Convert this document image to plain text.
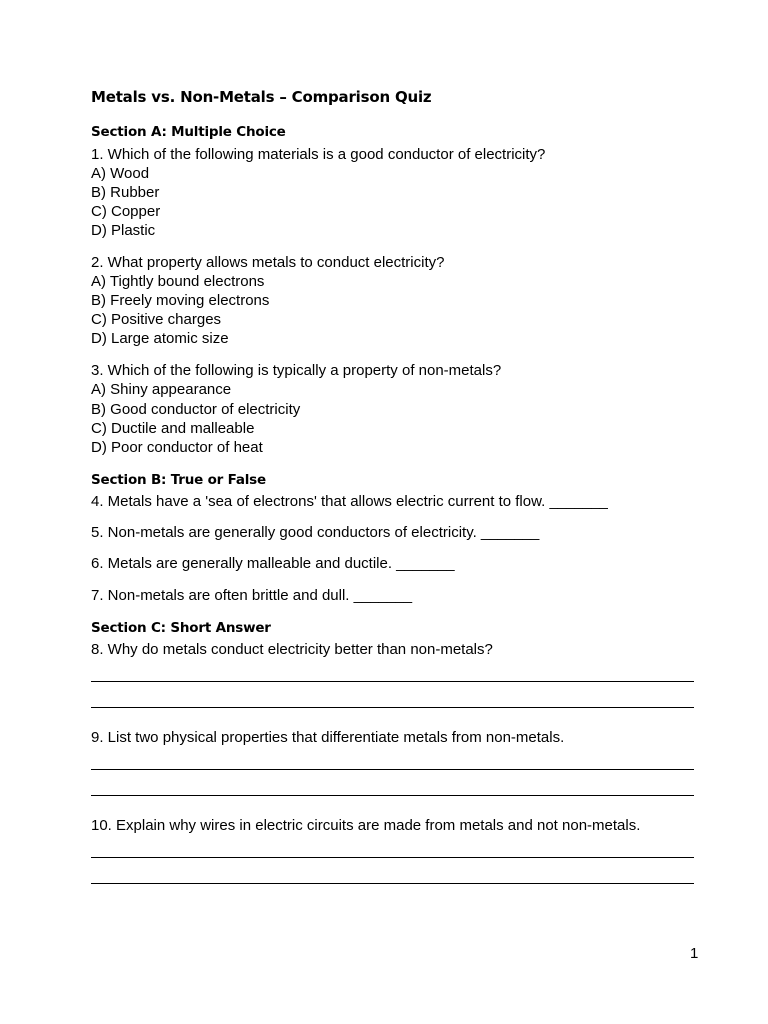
Metals vs. Non-Metals – Comparison Quiz
Section A: Multiple Choice
1. Which of the following materials is a good conductor of electricity?
A) Wood
B) Rubber
C) Copper
D) Plastic
2. What property allows metals to conduct electricity?
A) Tightly bound electrons
B) Freely moving electrons
C) Positive charges
D) Large atomic size
3. Which of the following is typically a property of non-metals?
A) Shiny appearance
B) Good conductor of electricity
C) Ductile and malleable
D) Poor conductor of heat
Section B: True or False
4. Metals have a 'sea of electrons' that allows electric current to flow. _______
5. Non-metals are generally good conductors of electricity. _______
6. Metals are generally malleable and ductile. _______
7. Non-metals are often brittle and dull. _______
Section C: Short Answer
8. Why do metals conduct electricity better than non-metals?
9. List two physical properties that differentiate metals from non-metals.
10. Explain why wires in electric circuits are made from metals and not non-metals.
1
